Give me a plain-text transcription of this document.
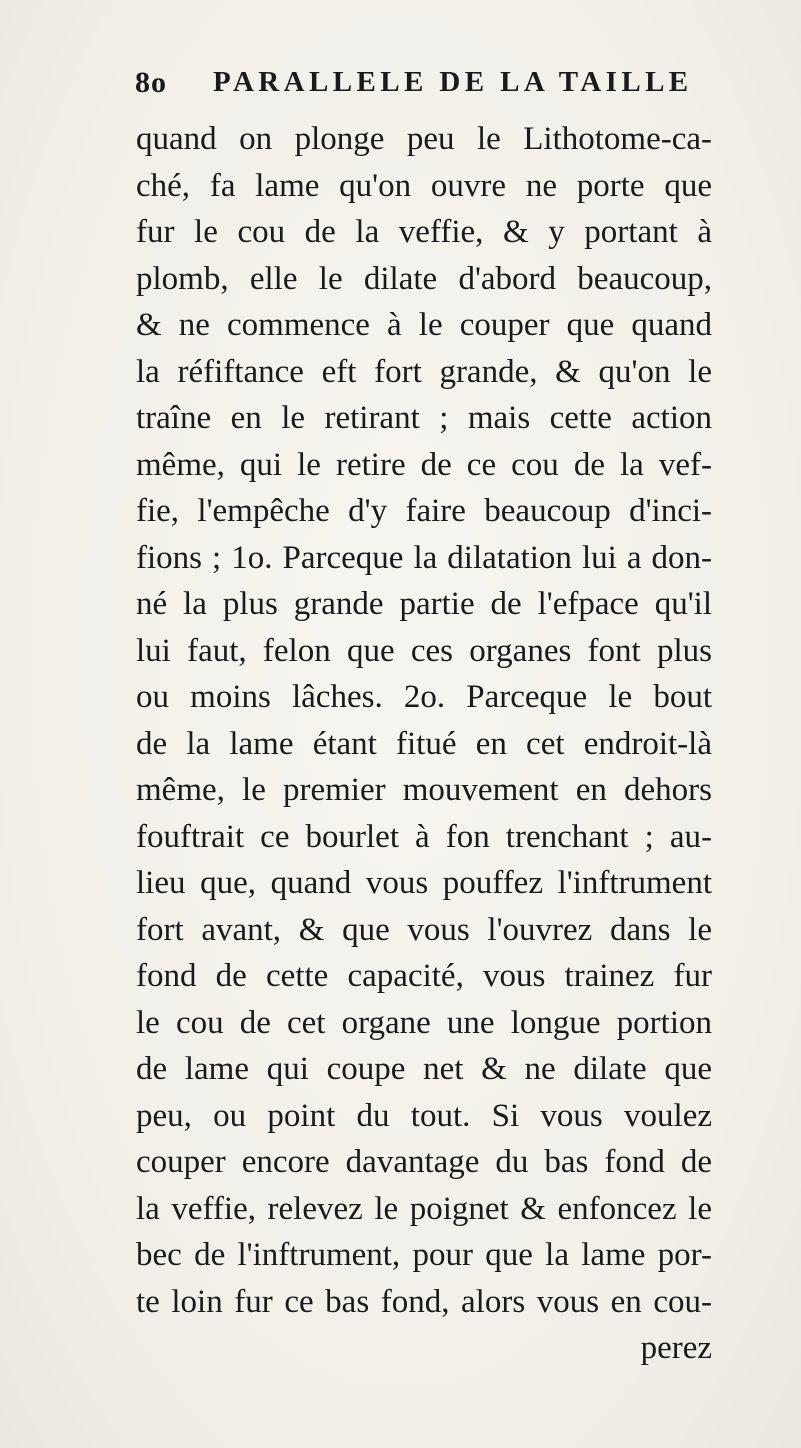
8o PARALLELE DE LA TAILLE
quand on plonge peu le Lithotome-ca-
ché, fa lame qu'on ouvre ne porte que
fur le cou de la veffie, & y portant à
plomb, elle le dilate d'abord beaucoup,
& ne commence à le couper que quand
la réfiftance eft fort grande, & qu'on le
traîne en le retirant ; mais cette action
même, qui le retire de ce cou de la vef-
fie, l'empêche d'y faire beaucoup d'inci-
fions ; 1o. Parceque la dilatation lui a don-
né la plus grande partie de l'efpace qu'il
lui faut, felon que ces organes font plus
ou moins lâches. 2o. Parceque le bout
de la lame étant fitué en cet endroit-là
même, le premier mouvement en dehors
fouftrait ce bourlet à fon trenchant ; au-
lieu que, quand vous pouffez l'inftrument
fort avant, & que vous l'ouvrez dans le
fond de cette capacité, vous trainez fur
le cou de cet organe une longue portion
de lame qui coupe net & ne dilate que
peu, ou point du tout. Si vous voulez
couper encore davantage du bas fond de
la veffie, relevez le poignet & enfoncez le
bec de l'inftrument, pour que la lame por-
te loin fur ce bas fond, alors vous en cou-
perez
